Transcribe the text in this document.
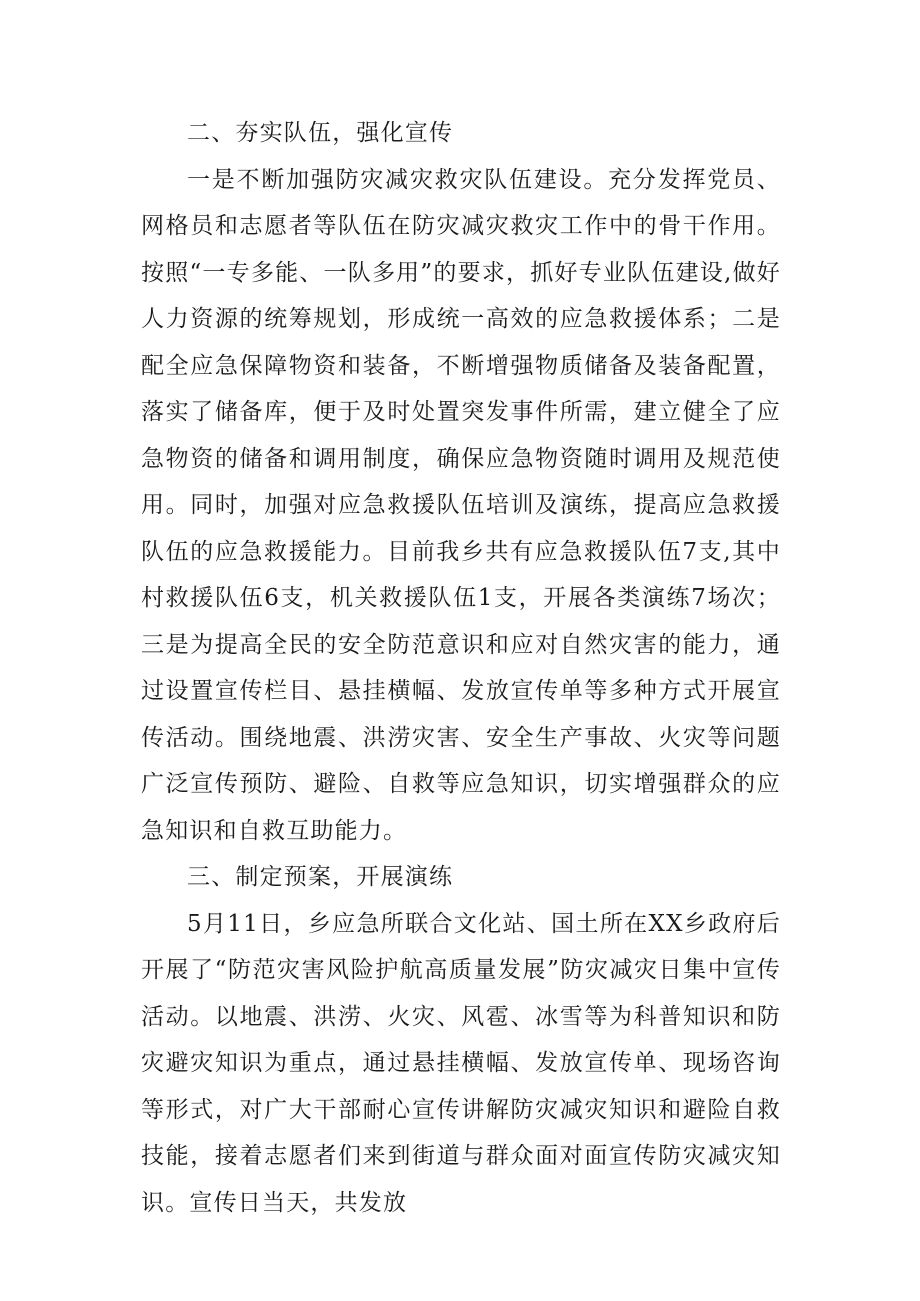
二、夯实队伍，强化宣传

一是不断加强防灾减灾救灾队伍建设。充分发挥党员、网格员和志愿者等队伍在防灾减灾救灾工作中的骨干作用。按照“一专多能、一队多用”的要求，抓好专业队伍建设,做好人力资源的统筹规划，形成统一高效的应急救援体系；二是配全应急保障物资和装备，不断增强物质储备及装备配置，落实了储备库，便于及时处置突发事件所需，建立健全了应急物资的储备和调用制度，确保应急物资随时调用及规范使用。同时，加强对应急救援队伍培训及演练，提高应急救援队伍的应急救援能力。目前我乡共有应急救援队伍7支,其中村救援队伍6支，机关救援队伍1支，开展各类演练7场次；三是为提高全民的安全防范意识和应对自然灾害的能力，通过设置宣传栏目、悬挂横幅、发放宣传单等多种方式开展宣传活动。围绕地震、洪涝灾害、安全生产事故、火灾等问题广泛宣传预防、避险、自救等应急知识，切实增强群众的应急知识和自救互助能力。

三、制定预案，开展演练

5月11日，乡应急所联合文化站、国土所在XX乡政府后开展了“防范灾害风险护航高质量发展”防灾减灾日集中宣传活动。以地震、洪涝、火灾、风雹、冰雪等为科普知识和防灾避灾知识为重点，通过悬挂横幅、发放宣传单、现场咨询等形式，对广大干部耐心宣传讲解防灾减灾知识和避险自救技能，接着志愿者们来到街道与群众面对面宣传防灾减灾知识。宣传日当天，共发放
